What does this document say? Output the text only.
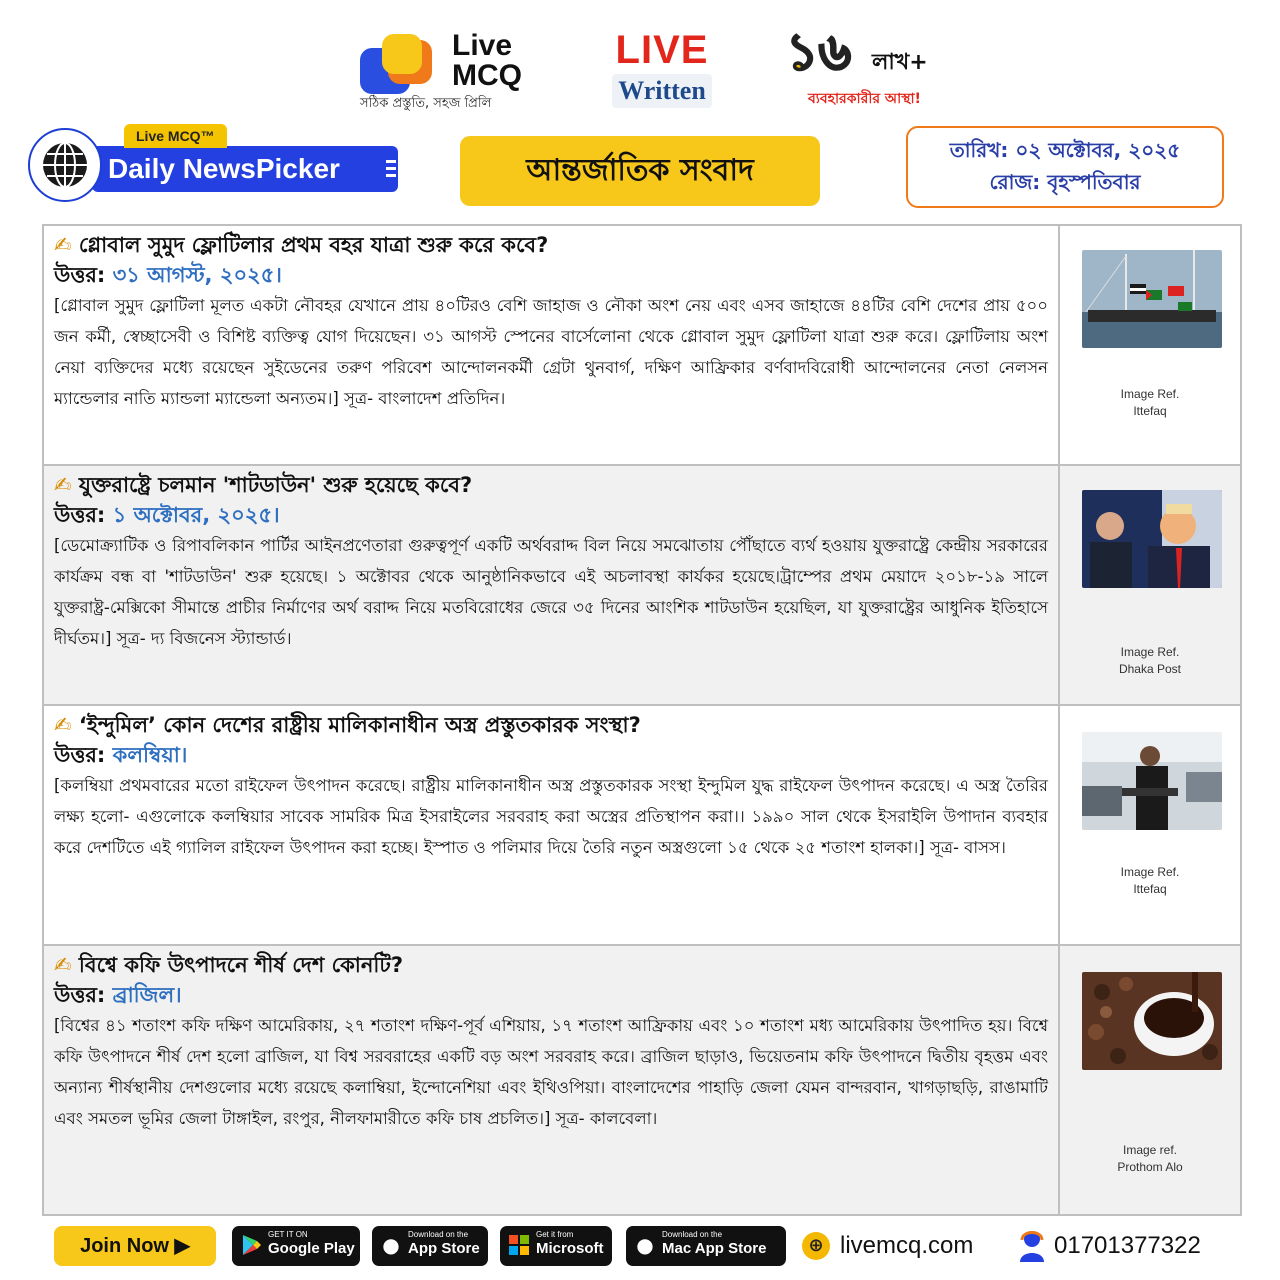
Live
MCQ
সঠিক প্রস্তুতি, সহজ প্রিলি
LIVE
Written
১৬ লাখ+
ব্যবহারকারীর আস্থা!
Live MCQ™
Daily NewsPicker	আন্তর্জাতিক সংবাদ
তারিখ: ০২ অক্টোবর, ২০২৫
রোজ: বৃহস্পতিবার
✍ গ্লোবাল সুমুদ ফ্লোটিলার প্রথম বহর যাত্রা শুরু করে কবে?
উত্তর: ৩১ আগস্ট, ২০২৫।
[গ্লোবাল সুমুদ ফ্লোটিলা মূলত একটা নৌবহর যেখানে প্রায় ৪০টিরও বেশি জাহাজ ও নৌকা অংশ নেয় এবং এসব জাহাজে ৪৪টির বেশি দেশের প্রায় ৫০০ জন কর্মী, স্বেচ্ছাসেবী ও বিশিষ্ট ব্যক্তিত্ব যোগ দিয়েছেন। ৩১ আগস্ট স্পেনের বার্সেলোনা থেকে গ্লোবাল সুমুদ ফ্লোটিলা যাত্রা শুরু করে। ফ্লোটিলায় অংশ নেয়া ব্যক্তিদের মধ্যে রয়েছেন সুইডেনের তরুণ পরিবেশ আন্দোলনকর্মী গ্রেটা থুনবার্গ, দক্ষিণ আফ্রিকার বর্ণবাদবিরোধী আন্দোলনের নেতা নেলসন ম্যান্ডেলার নাতি ম্যান্ডলা ম্যান্ডেলা অন্যতম।] সূত্র- বাংলাদেশ প্রতিদিন।	Image Ref.
Ittefaq
✍ যুক্তরাষ্ট্রে চলমান 'শাটডাউন' শুরু হয়েছে কবে?
উত্তর: ১ অক্টোবর, ২০২৫।
[ডেমোক্র্যাটিক ও রিপাবলিকান পার্টির আইনপ্রণেতারা গুরুত্বপূর্ণ একটি অর্থবরাদ্দ বিল নিয়ে সমঝোতায় পৌঁছাতে ব্যর্থ হওয়ায় যুক্তরাষ্ট্রে কেন্দ্রীয় সরকারের কার্যক্রম বন্ধ বা 'শাটডাউন' শুরু হয়েছে। ১ অক্টোবর থেকে আনুষ্ঠানিকভাবে এই অচলাবস্থা কার্যকর হয়েছে।ট্রাম্পের প্রথম মেয়াদে ২০১৮-১৯ সালে যুক্তরাষ্ট্র-মেক্সিকো সীমান্তে প্রাচীর নির্মাণের অর্থ বরাদ্দ নিয়ে মতবিরোধের জেরে ৩৫ দিনের আংশিক শাটডাউন হয়েছিল, যা যুক্তরাষ্ট্রের আধুনিক ইতিহাসে দীর্ঘতম।] সূত্র- দ্য বিজনেস স্ট্যান্ডার্ড।
Image Ref.
Dhaka Post
✍ ‘ইন্দুমিল’ কোন দেশের রাষ্ট্রীয় মালিকানাধীন অস্ত্র প্রস্তুতকারক সংস্থা?
উত্তর: কলম্বিয়া।
[কলম্বিয়া প্রথমবারের মতো রাইফেল উৎপাদন করেছে। রাষ্ট্রীয় মালিকানাধীন অস্ত্র প্রস্তুতকারক সংস্থা ইন্দুমিল যুদ্ধ রাইফেল উৎপাদন করেছে। এ অস্ত্র তৈরির লক্ষ্য হলো- এগুলোকে কলম্বিয়ার সাবেক সামরিক মিত্র ইসরাইলের সরবরাহ করা অস্ত্রের প্রতিস্থাপন করা।। ১৯৯০ সাল থেকে ইসরাইলি উপাদান ব্যবহার করে দেশটিতে এই গ্যালিল রাইফেল উৎপাদন করা হচ্ছে। ইস্পাত ও পলিমার দিয়ে তৈরি নতুন অস্ত্রগুলো ১৫ থেকে ২৫ শতাংশ হালকা।] সূত্র- বাসস।
Image Ref.
Ittefaq
✍ বিশ্বে কফি উৎপাদনে শীর্ষ দেশ কোনটি?
উত্তর: ব্রাজিল।
[বিশ্বের ৪১ শতাংশ কফি দক্ষিণ আমেরিকায়, ২৭ শতাংশ দক্ষিণ-পূর্ব এশিয়ায়, ১৭ শতাংশ আফ্রিকায় এবং ১০ শতাংশ মধ্য আমেরিকায় উৎপাদিত হয়। বিশ্বে কফি উৎপাদনে শীর্ষ দেশ হলো ব্রাজিল, যা বিশ্ব সরবরাহের একটি বড় অংশ সরবরাহ করে। ব্রাজিল ছাড়াও, ভিয়েতনাম কফি উৎপাদনে দ্বিতীয় বৃহত্তম এবং অন্যান্য শীর্ষস্থানীয় দেশগুলোর মধ্যে রয়েছে কলাম্বিয়া, ইন্দোনেশিয়া এবং ইথিওপিয়া। বাংলাদেশের পাহাড়ি জেলা যেমন বান্দরবান, খাগড়াছড়ি, রাঙামাটি এবং সমতল ভূমির জেলা টাঙ্গাইল, রংপুর, নীলফামারীতে কফি চাষ প্রচলিত।] সূত্র- কালবেলা।
Image ref.
Prothom Alo
Join Now ▶
GET IT ON
Google Play ● Download on the
App Store
Get it from
Microsoft ● Download on the
Mac App Store	⊕ livemcq.com	01701377322
